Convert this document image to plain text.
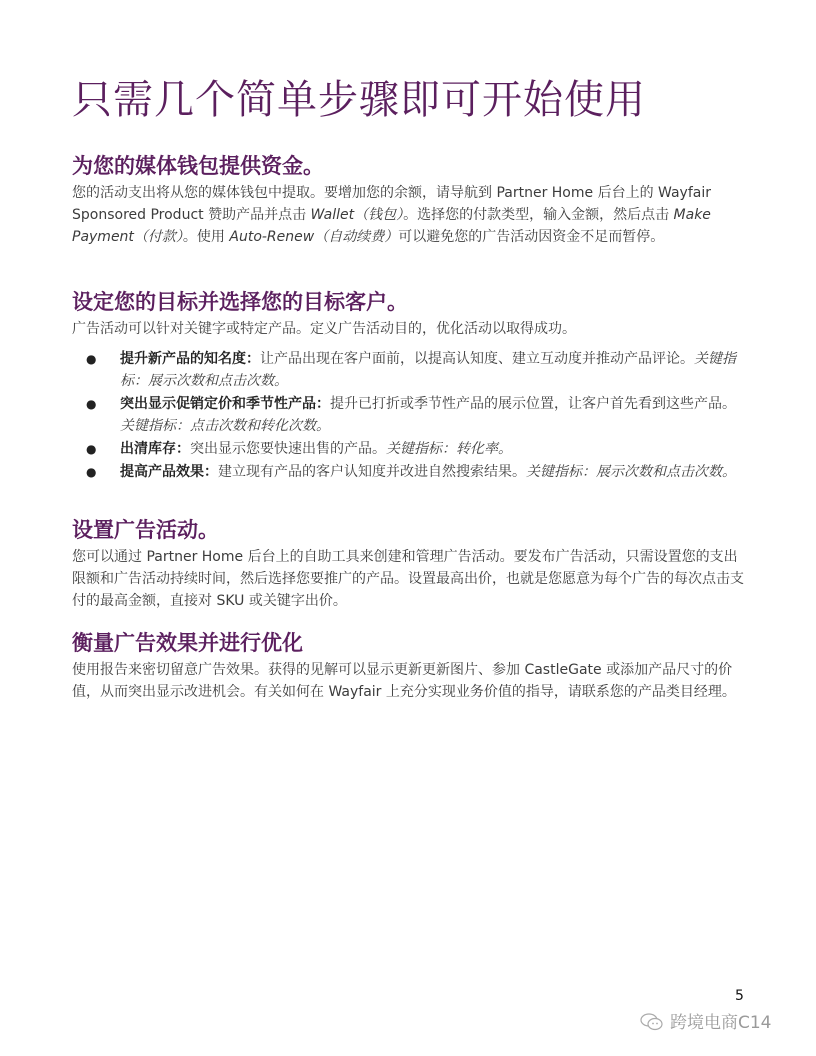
只需几个简单步骤即可开始使用
为您的媒体钱包提供资金。

您的活动支出将从您的媒体钱包中提取。要增加您的余额，请导航到 Partner Home 后台上的 Wayfair Sponsored Product 赞助产品并点击 Wallet（钱包）。选择您的付款类型，输入金额，然后点击 Make Payment（付款）。使用 Auto-Renew（自动续费）可以避免您的广告活动因资金不足而暂停。

设定您的目标并选择您的目标客户。

广告活动可以针对关键字或特定产品。定义广告活动目的，优化活动以取得成功。

● 提升新产品的知名度：让产品出现在客户面前，以提高认知度、建立互动度并推动产品评论。关键指标：展示次数和点击次数。
● 突出显示促销定价和季节性产品：提升已打折或季节性产品的展示位置，让客户首先看到这些产品。关键指标：点击次数和转化次数。
● 出清库存：突出显示您要快速出售的产品。关键指标：转化率。
● 提高产品效果：建立现有产品的客户认知度并改进自然搜索结果。关键指标：展示次数和点击次数。
设置广告活动。

您可以通过 Partner Home 后台上的自助工具来创建和管理广告活动。要发布广告活动，只需设置您的支出限额和广告活动持续时间，然后选择您要推广的产品。设置最高出价，也就是您愿意为每个广告的每次点击支付的最高金额，直接对 SKU 或关键字出价。

衡量广告效果并进行优化

使用报告来密切留意广告效果。获得的见解可以显示更新更新图片、参加 CastleGate 或添加产品尺寸的价值，从而突出显示改进机会。有关如何在 Wayfair 上充分实现业务价值的指导，请联系您的产品类目经理。

5
跨境电商C14
